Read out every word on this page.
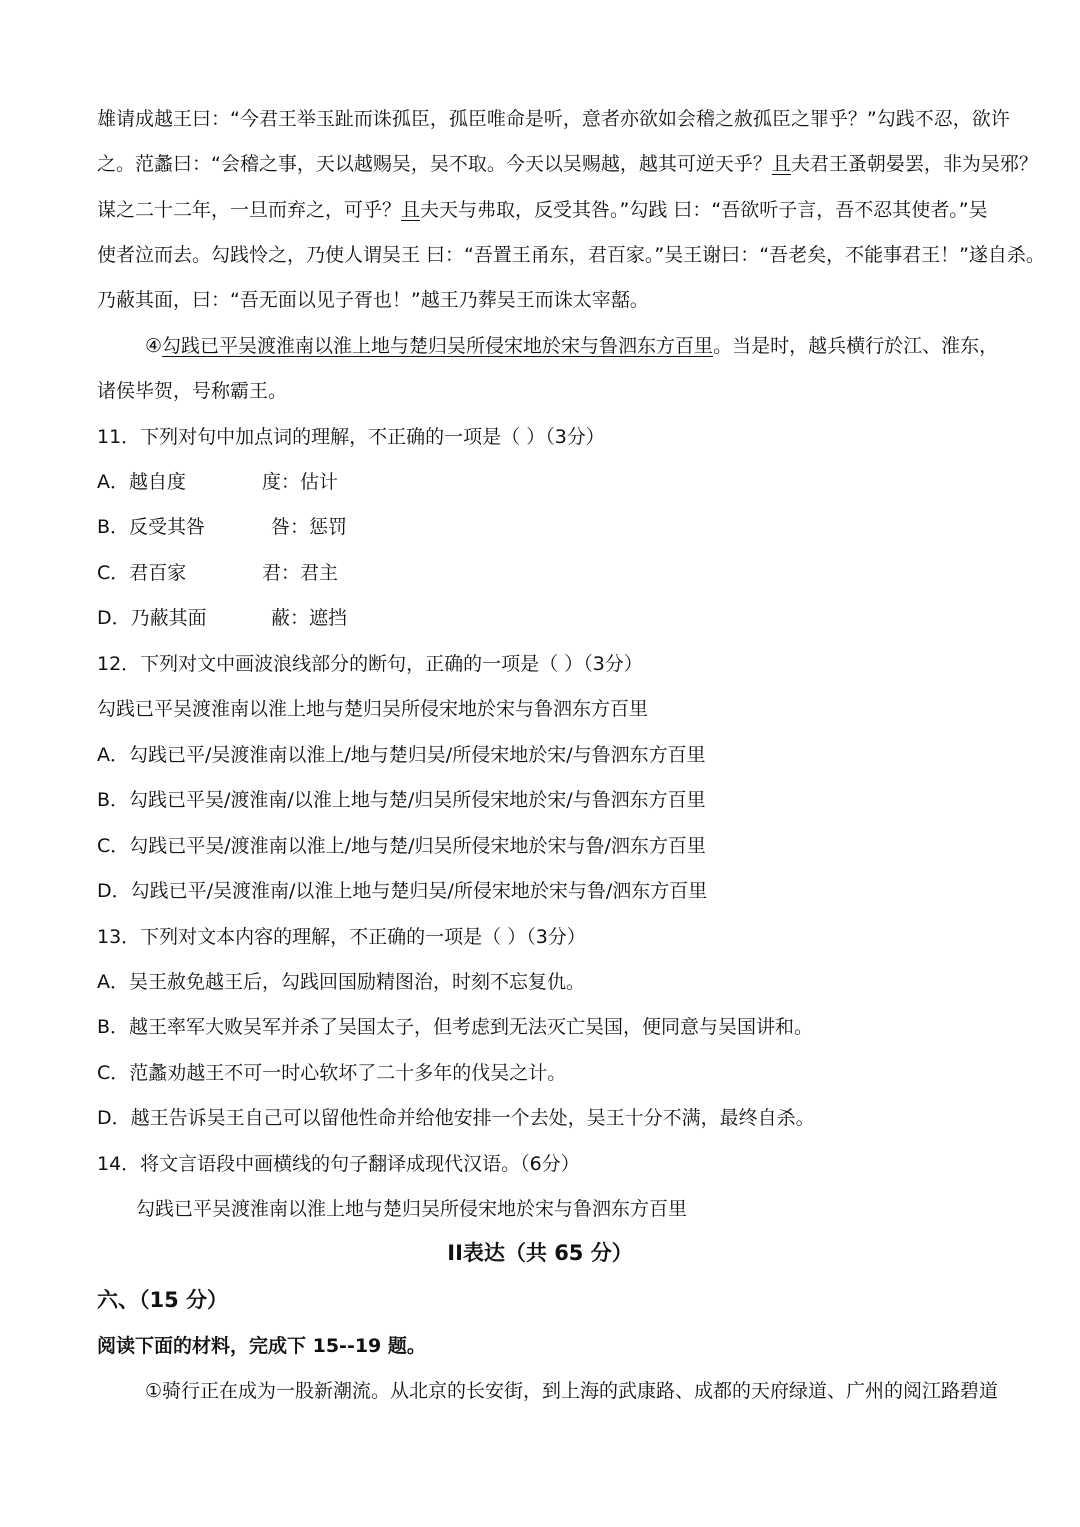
雄请成越王曰：“今君王举玉趾而诛孤臣，孤臣唯命是听，意者亦欲如会稽之赦孤臣之罪乎？”勾践不忍，欲许
之。范蠡曰：“会稽之事，天以越赐吴，吴不取。今天以吴赐越，越其可逆天乎？且夫君王蚤朝晏罢，非为吴邪？
谋之二十二年，一旦而弃之，可乎？且夫天与弗取，反受其咎。”勾践 曰：“吾欲听子言，吾不忍其使者。”吴
使者泣而去。勾践怜之，乃使人谓吴王 曰：“吾置王甬东，君百家。”吴王谢曰：“吾老矣，不能事君王！”遂自杀。
乃蔽其面，曰：“吾无面以见子胥也！”越王乃葬吴王而诛太宰嚭。
④勾践已平吴渡淮南以淮上地与楚归吴所侵宋地於宋与鲁泗东方百里。当是时，越兵横行於江、淮东，
诸侯毕贺，号称霸王。
11．下列对句中加点词的理解，不正确的一项是（ ）（3分）
A．越自度	度：估计
B．反受其咎	咎：惩罚
C．君百家	君：君主
D．乃蔽其面	蔽：遮挡
12．下列对文中画波浪线部分的断句，正确的一项是（ ）（3分）
勾践已平吴渡淮南以淮上地与楚归吴所侵宋地於宋与鲁泗东方百里
A．勾践已平/吴渡淮南以淮上/地与楚归吴/所侵宋地於宋/与鲁泗东方百里
B．勾践已平吴/渡淮南/以淮上地与楚/归吴所侵宋地於宋/与鲁泗东方百里
C．勾践已平吴/渡淮南以淮上/地与楚/归吴所侵宋地於宋与鲁/泗东方百里
D．勾践已平/吴渡淮南/以淮上地与楚归吴/所侵宋地於宋与鲁/泗东方百里
13．下列对文本内容的理解，不正确的一项是（ ）（3分）
A．吴王赦免越王后，勾践回国励精图治，时刻不忘复仇。
B．越王率军大败吴军并杀了吴国太子，但考虑到无法灭亡吴国，便同意与吴国讲和。
C．范蠡劝越王不可一时心软坏了二十多年的伐吴之计。
D．越王告诉吴王自己可以留他性命并给他安排一个去处，吴王十分不满，最终自杀。
14．将文言语段中画横线的句子翻译成现代汉语。（6分）
勾践已平吴渡淮南以淮上地与楚归吴所侵宋地於宋与鲁泗东方百里
II表达（共 65 分）
六、（15 分）
阅读下面的材料，完成下 15--19 题。
①骑行正在成为一股新潮流。从北京的长安街，到上海的武康路、成都的天府绿道、广州的阅江路碧道
